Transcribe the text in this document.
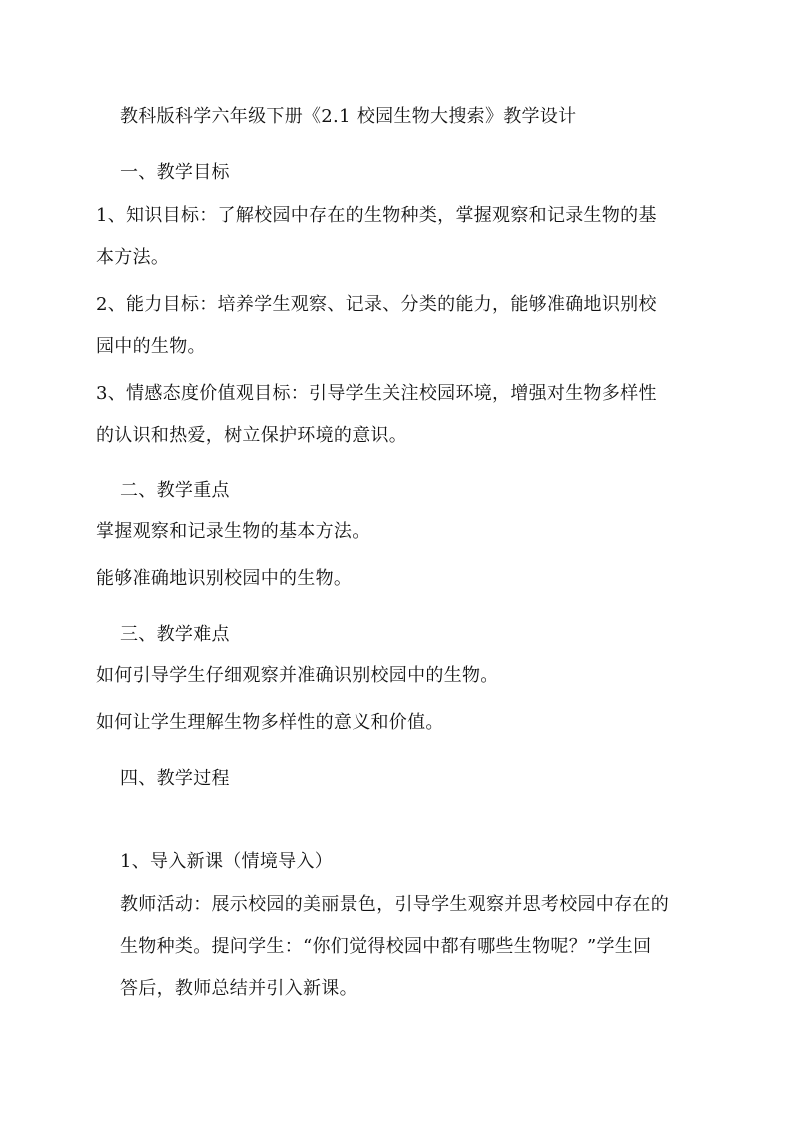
教科版科学六年级下册《2.1 校园生物大搜索》教学设计
一、教学目标
1、知识目标：了解校园中存在的生物种类，掌握观察和记录生物的基
本方法。
2、能力目标：培养学生观察、记录、分类的能力，能够准确地识别校
园中的生物。
3、情感态度价值观目标：引导学生关注校园环境，增强对生物多样性
的认识和热爱，树立保护环境的意识。
二、教学重点
掌握观察和记录生物的基本方法。
能够准确地识别校园中的生物。
三、教学难点
如何引导学生仔细观察并准确识别校园中的生物。
如何让学生理解生物多样性的意义和价值。
四、教学过程
1、导入新课（情境导入）
教师活动：展示校园的美丽景色，引导学生观察并思考校园中存在的
生物种类。提问学生：“你们觉得校园中都有哪些生物呢？”学生回
答后，教师总结并引入新课。
